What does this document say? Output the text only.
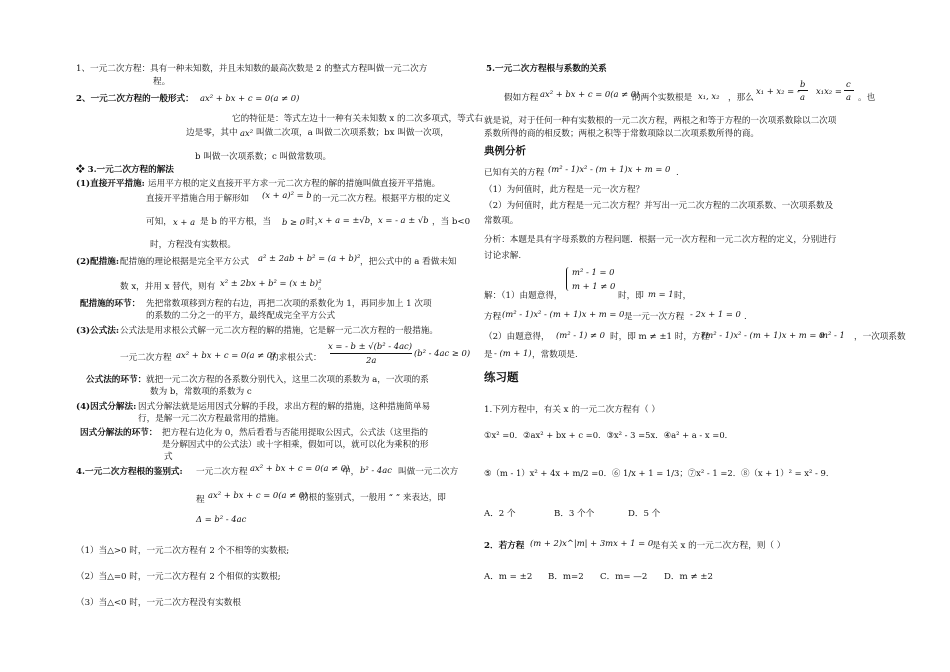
1、一元二次方程： 具有一种未知数，并且未知数的最高次数是 2 的整式方程叫做一元二次方
程。
2、一元二次方程的一般形式： ax² + bx + c = 0(a ≠ 0)
它的特征是：等式左边十一种有关未知数 x 的二次多项式，等式右
边是零，其中 ax² 叫做二次项，a 叫做二次项系数；bx 叫做一次项，
b 叫做一次项系数；c 叫做常数项。
❖ 3.一元二次方程的解法
(1)直接开平措施: 运用平方根的定义直接开平方求一元二次方程的解的措施叫做直接开平措施。
直接开平措施合用于解形如 (x + a)² = b 的一元二次方程。根据平方根的定义
可知， x + a 是 b 的平方根，当 b ≥ 0 时，
x + a = ±√b ， x = - a ± √b ，当 b<0
时，方程没有实数根。
(2)配措施: 配措施的理论根据是完全平方公式 a² ± 2ab + b² = (a + b)² ，把公式中的 a 看做未知
数 x，并用 x 替代，则有 x² ± 2bx + b² = (x ± b)²
。
配措施的环节： 先把常数项移到方程的右边，再把二次项的系数化为 1，再同步加上 1 次项
的系数的二分之一的平方，最终配成完全平方公式
(3)公式法: 公式法是用求根公式解一元二次方程的解的措施，它是解一元二次方程的一般措施。
一元二次方程 ax² + bx + c = 0(a ≠ 0)
的求根公式：
x = - b ± √(b² - 4ac)
2a
(b² - 4ac ≥ 0)
公式法的环节： 就把一元二次方程的各系数分别代入，这里二次项的系数为 a，一次项的系
数为 b，常数项的系数为 c
(4)因式分解法: 因式分解法就是运用因式分解的手段，求出方程的解的措施，这种措施简单易
行，是解一元二次方程最常用的措施。
因式分解法的环节： 把方程右边化为 0，然后看看与否能用提取公因式，公式法（这里指的
是分解因式中的公式法）或十字相乘，假如可以，就可以化为乘积的形
式
4.一元二次方程根的鉴别式: 一元二次方程 ax² + bx + c = 0(a ≠ 0)
中， b² - 4ac 叫做一元二次方
程 ax² + bx + c = 0(a ≠ 0)
的根的鉴别式，一般用 “ ” 来表达，即
Δ = b² - 4ac
（1）当△>0 时，一元二次方程有 2 个不相等的实数根;
（2）当△=0 时，一元二次方程有 2 个相似的实数根;
（3）当△<0 时，一元二次方程没有实数根
5.一元二次方程根与系数的关系
假如方程 ax² + bx + c = 0(a ≠ 0)
的两个实数根是 x₁, x₂ ，那么
x₁ + x₂ = -
b
a
x₁x₂ =
c
a 。也
就是说，对于任何一种有实数根的一元二次方程，两根之和等于方程的一次项系数除以二次项
系数所得的商的相反数；两根之积等于常数项除以二次项系数所得的商。
典例分析
已知有关的方程 (m² - 1)x² - (m + 1)x + m = 0 .
（1）为何值时，此方程是一元一次方程？
（2）为何值时，此方程是一元二次方程？并写出一元二次方程的二次项系数、一次项系数及
常数项。
分析：本题是具有字母系数的方程问题．根据一元一次方程和一元二次方程的定义，分别进行
讨论求解.
m² - 1 = 0
m + 1 ≠ 0
解：（1）由题意得，	时，即 m = 1 时，
方程 (m² - 1)x² - (m + 1)x + m = 0 是一元一次方程 - 2x + 1 = 0 .
（2）由题意得， (m² - 1) ≠ 0 时，即 m ≠ ±1 时，方程
(m² - 1)x² - (m + 1)x + m = 0
m² - 1 ，一次项系数
是 - (m + 1) ，常数项是.
练习题
1.下列方程中，有关 x 的一元二次方程有（ ）
①x² =0．②ax² + bx + c =0．③x² - 3 =5x．④a² + a - x =0．
⑤（m - 1）x² + 4x + m/2 =0．⑥ 1/x + 1 = 1/3；⑦x² - 1 =2．⑧（x + 1）² = x² - 9．
A．2 个	B．3 个个	D．5 个
2．若方程 (m + 2)x^|m| + 3mx + 1 = 0
是有关 x 的一元二次方程，则（ ）
A．m = ±2 B．m=2 C．m= —2 D．m ≠ ±2
